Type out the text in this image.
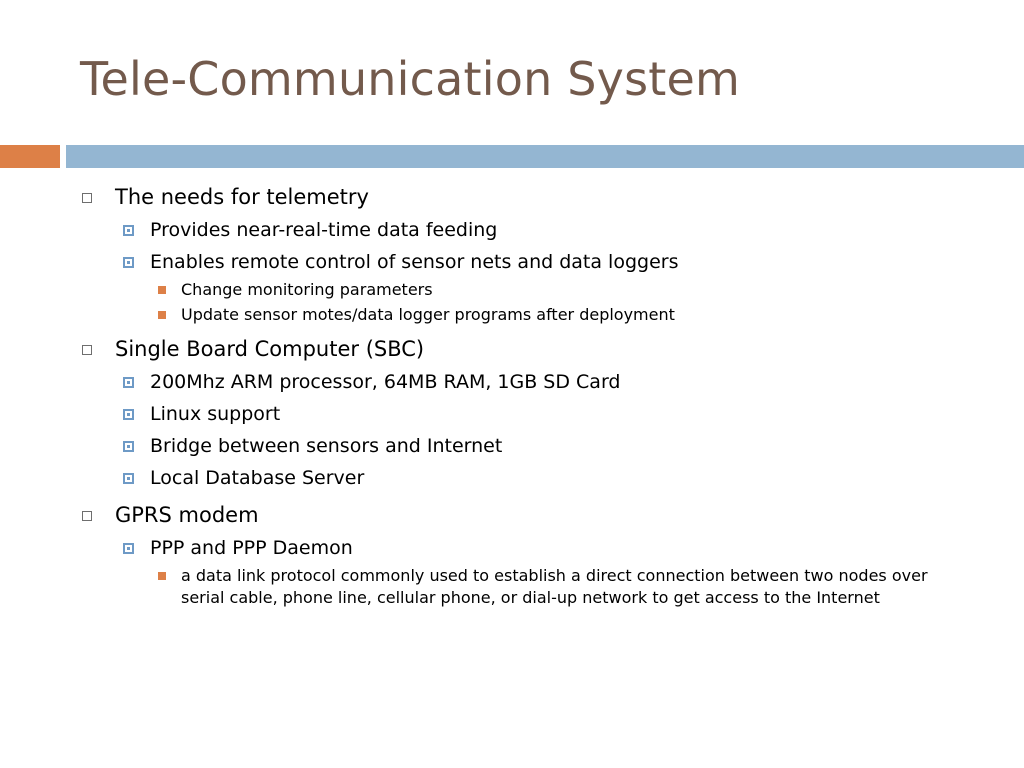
Tele-Communication System
The needs for telemetry
Provides near-real-time data feeding
Enables remote control of sensor nets and data loggers
Change monitoring parameters
Update sensor motes/data logger programs after deployment
Single Board Computer (SBC)
200Mhz ARM processor, 64MB RAM, 1GB SD Card
Linux support
Bridge between sensors and Internet
Local Database Server
GPRS modem
PPP and PPP Daemon
a data link protocol commonly used to establish a direct connection between two nodes over serial cable, phone line, cellular phone, or dial-up network to get access to the Internet
